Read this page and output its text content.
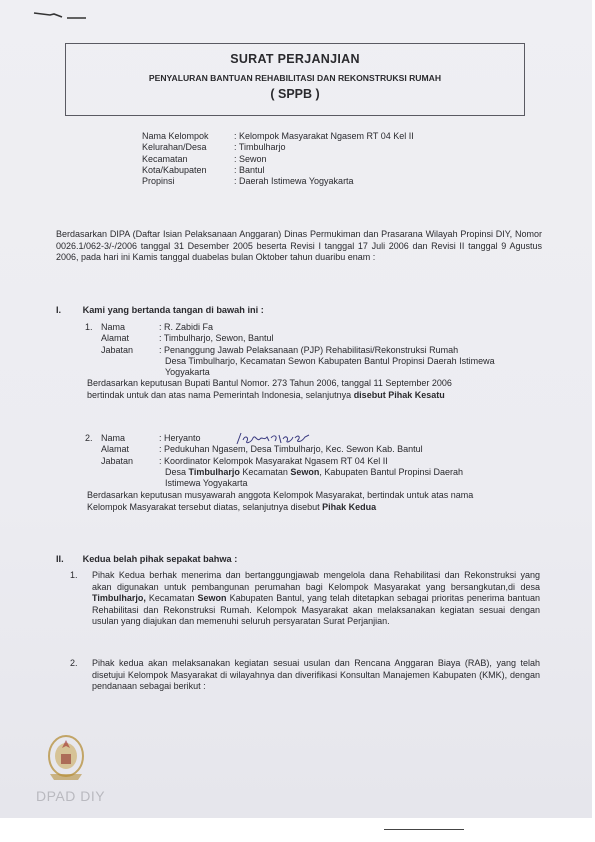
SURAT PERJANJIAN
PENYALURAN BANTUAN REHABILITASI DAN REKONSTRUKSI RUMAH
( SPPB )
Nama Kelompok	: Kelompok Masyarakat Ngasem RT 04 Kel II
Kelurahan/Desa	: Timbulharjo
Kecamatan	: Sewon
Kota/Kabupaten	: Bantul
Propinsi	: Daerah Istimewa Yogyakarta
Berdasarkan DIPA (Daftar Isian Pelaksanaan Anggaran) Dinas Permukiman dan Prasarana Wilayah Propinsi DIY, Nomor 0026.1/062-3/-/2006 tanggal 31 Desember 2005 beserta Revisi I tanggal 17 Juli 2006 dan Revisi II tanggal 9 Agustus 2006, pada hari ini Kamis tanggal duabelas bulan Oktober tahun duaribu enam :
I. Kami yang bertanda tangan di bawah ini :
1. Nama	: R. Zabidi Fa
Alamat	: Timbulharjo, Sewon, Bantul
Jabatan	: Penanggung Jawab Pelaksanaan (PJP) Rehabilitasi/Rekonstruksi Rumah
Desa Timbulharjo, Kecamatan Sewon Kabupaten Bantul Propinsi Daerah Istimewa
Yogyakarta
Berdasarkan keputusan Bupati Bantul Nomor. 273 Tahun 2006, tanggal 11 September 2006
bertindak untuk dan atas nama Pemerintah Indonesia, selanjutnya disebut Pihak Kesatu
2. Nama	: Heryanto
Alamat	: Pedukuhan Ngasem, Desa Timbulharjo, Kec. Sewon Kab. Bantul
Jabatan	: Koordinator Kelompok Masyarakat Ngasem RT 04 Kel II
Desa Timbulharjo Kecamatan Sewon, Kabupaten Bantul Propinsi Daerah
Istimewa Yogyakarta
Berdasarkan keputusan musyawarah anggota Kelompok Masyarakat, bertindak untuk atas nama
Kelompok Masyarakat tersebut diatas, selanjutnya disebut Pihak Kedua
II. Kedua belah pihak sepakat bahwa :
1.	Pihak Kedua berhak menerima dan bertanggungjawab mengelola dana Rehabilitasi dan Rekonstruksi yang akan digunakan untuk pembangunan perumahan bagi Kelompok Masyarakat yang bersangkutan,di desa Timbulharjo, Kecamatan Sewon Kabupaten Bantul, yang telah ditetapkan sebagai prioritas penerima bantuan Rehabilitasi dan Rekonstruksi Rumah. Kelompok Masyarakat akan melaksanakan kegiatan sesuai dengan usulan yang diajukan dan memenuhi seluruh persyaratan Surat Perjanjian.
2.	Pihak kedua akan melaksanakan kegiatan sesuai usulan dan Rencana Anggaran Biaya (RAB), yang telah disetujui Kelompok Masyarakat di wilayahnya dan diverifikasi Konsultan Manajemen Kabupaten (KMK), dengan pendanaan sebagai berikut :
DPAD DIY
